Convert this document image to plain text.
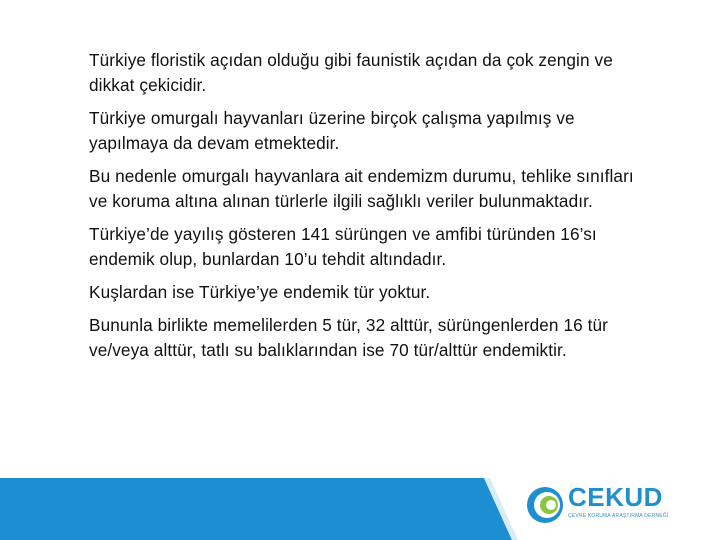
Türkiye floristik açıdan olduğu gibi faunistik açıdan da çok zengin ve dikkat çekicidir.

Türkiye omurgalı hayvanları üzerine birçok çalışma yapılmış ve yapılmaya da devam etmektedir.

Bu nedenle omurgalı hayvanlara ait endemizm durumu, tehlike sınıfları ve koruma altına alınan türlerle ilgili sağlıklı veriler bulunmaktadır.

Türkiye’de yayılış gösteren 141 sürüngen ve amfibi türünden 16’sı endemik olup, bunlardan 10’u tehdit altındadır.

Kuşlardan ise Türkiye’ye endemik tür yoktur.

Bununla birlikte memelilerden 5 tür, 32 alttür, sürüngenlerden 16 tür ve/veya alttür, tatlı su balıklarından ise 70 tür/alttür endemiktir.

CEKUD
ÇEVRE KORUMA ARAŞTIRMA DERNEĞİ
